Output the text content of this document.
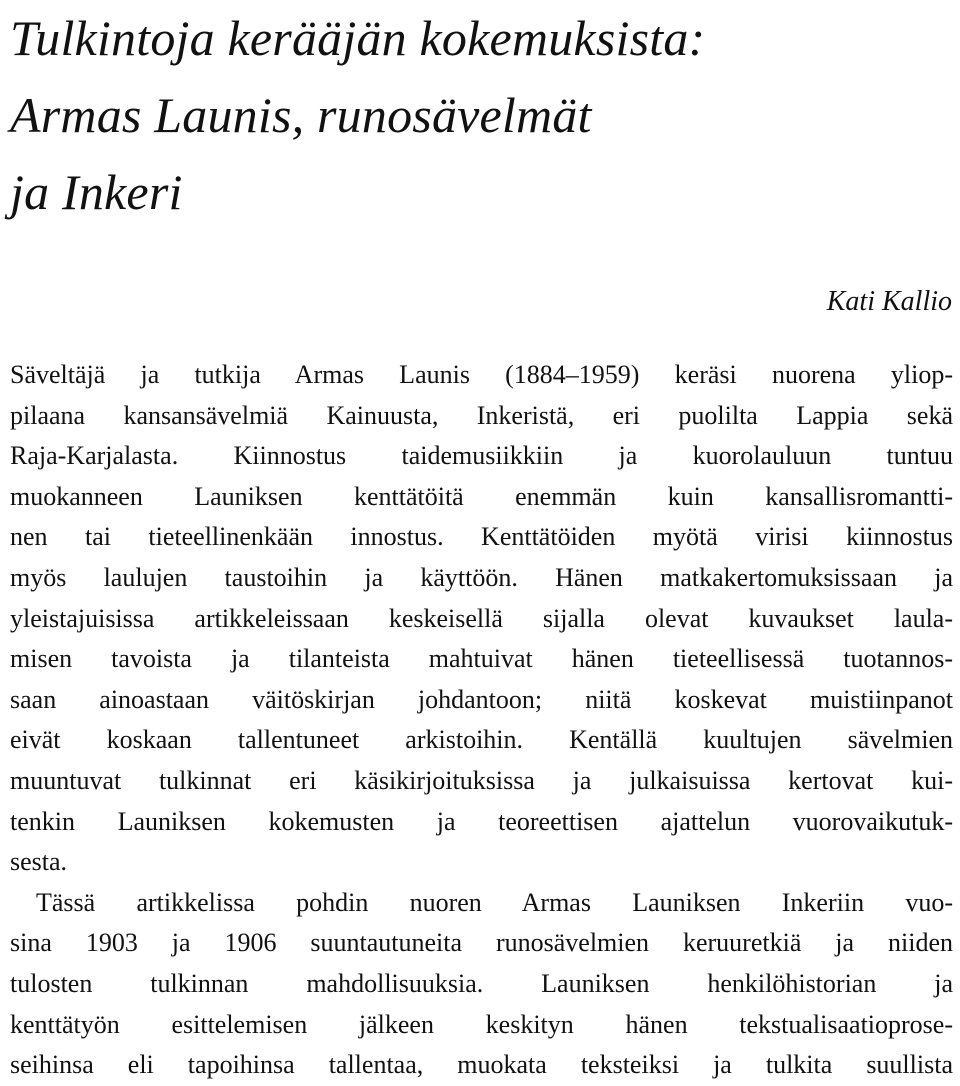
Tulkintoja kerääjän kokemuksista:
Armas Launis, runosävelmät
ja Inkeri
Kati Kallio
Säveltäjä ja tutkija Armas Launis (1884–1959) keräsi nuorena yliop-
pilaana kansansävelmiä Kainuusta, Inkeristä, eri puolilta Lappia sekä
Raja-Karjalasta. Kiinnostus taidemusiikkiin ja kuorolauluun tuntuu
muokanneen Launiksen kenttätöitä enemmän kuin kansallisromantti-
nen tai tieteellinenkään innostus. Kenttätöiden myötä virisi kiinnostus
myös laulujen taustoihin ja käyttöön. Hänen matkakertomuksissaan ja
yleistajuisissa artikkeleissaan keskeisellä sijalla olevat kuvaukset laula-
misen tavoista ja tilanteista mahtuivat hänen tieteellisessä tuotannos-
saan ainoastaan väitöskirjan johdantoon; niitä koskevat muistiinpanot
eivät koskaan tallentuneet arkistoihin. Kentällä kuultujen sävelmien
muuntuvat tulkinnat eri käsikirjoituksissa ja julkaisuissa kertovat kui-
tenkin Launiksen kokemusten ja teoreettisen ajattelun vuorovaikutuk-
sesta.
Tässä artikkelissa pohdin nuoren Armas Launiksen Inkeriin vuo-
sina 1903 ja 1906 suuntautuneita runosävelmien keruuretkiä ja niiden
tulosten tulkinnan mahdollisuuksia. Launiksen henkilöhistorian ja
kenttätyön esittelemisen jälkeen keskityn hänen tekstualisaatioprose-
seihinsa eli tapoihinsa tallentaa, muokata teksteiksi ja tulkita suullista
